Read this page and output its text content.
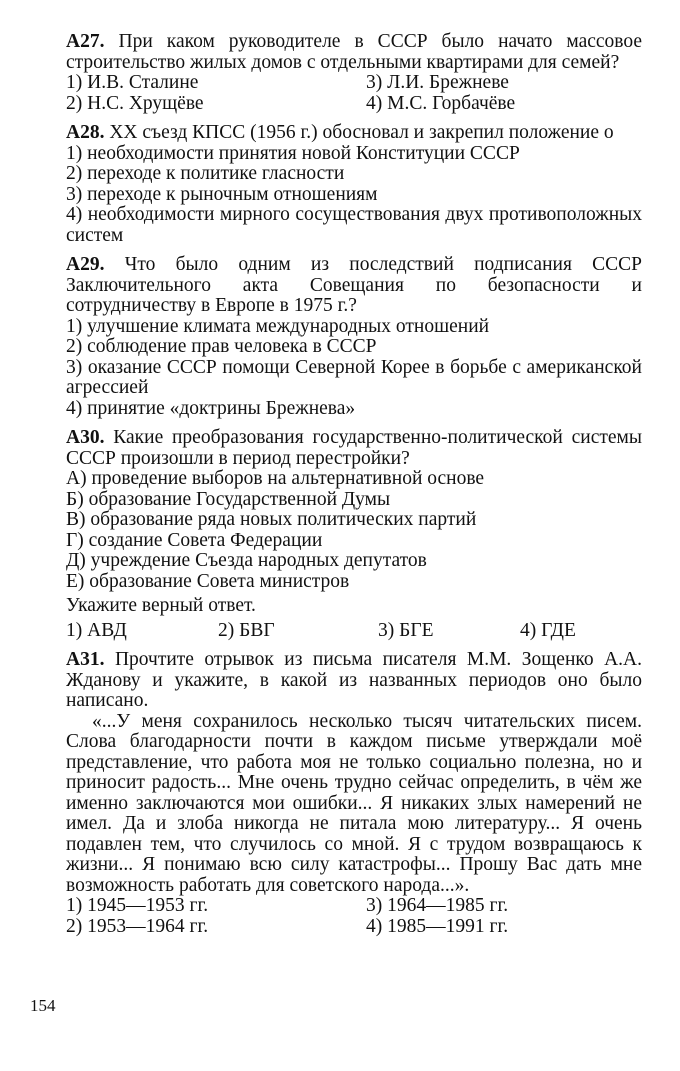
А27. При каком руководителе в СССР было начато массовое строительство жилых домов с отдельными квартирами для семей?

1) И.В. Сталине	3) Л.И. Брежневе
2) Н.С. Хрущёве	4) М.С. Горбачёве

А28. XX съезд КПСС (1956 г.) обосновал и закрепил положение о

1) необходимости принятия новой Конституции СССР

2) переходе к политике гласности

3) переходе к рыночным отношениям

4) необходимости мирного сосуществования двух противоположных систем

А29. Что было одним из последствий подписания СССР Заключительного акта Совещания по безопасности и сотрудничеству в Европе в 1975 г.?

1) улучшение климата международных отношений

2) соблюдение прав человека в СССР

3) оказание СССР помощи Северной Корее в борьбе с американской агрессией

4) принятие «доктрины Брежнева»

А30. Какие преобразования государственно-политической системы СССР произошли в период перестройки?

А) проведение выборов на альтернативной основе

Б) образование Государственной Думы

В) образование ряда новых политических партий

Г) создание Совета Федерации

Д) учреждение Съезда народных депутатов

Е) образование Совета министров

Укажите верный ответ.

1) АВД	2) БВГ	3) БГЕ	4) ГДЕ

А31. Прочтите отрывок из письма писателя М.М. Зощенко А.А. Жданову и укажите, в какой из названных периодов оно было написано.

«...У меня сохранилось несколько тысяч читательских писем. Слова благодарности почти в каждом письме утверждали моё представление, что работа моя не только социально полезна, но и приносит радость... Мне очень трудно сейчас определить, в чём же именно заключаются мои ошибки... Я никаких злых намерений не имел. Да и злоба никогда не питала мою литературу... Я очень подавлен тем, что случилось со мной. Я с трудом возвращаюсь к жизни... Я понимаю всю силу катастрофы... Прошу Вас дать мне возможность работать для советского народа...».

1) 1945—1953 гг.	3) 1964—1985 гг.
2) 1953—1964 гг.	4) 1985—1991 гг.
154
